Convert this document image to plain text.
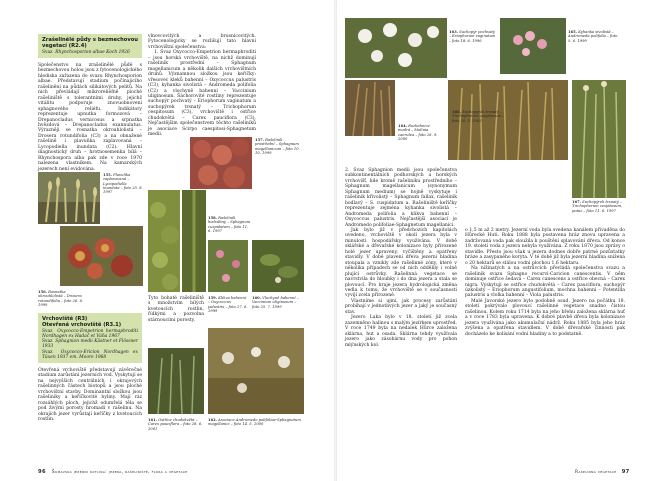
Zrašelinělé půdy s bezmechovou vegetací (R2.4)
Svaz Rhynchosporion albae Koch 1926

Společenstvo na zrašelinělé půdě s bezmechovou holou jsou z fytocenologického hlediska zařazena do svazu Rhynchosporion albae. Představují stadium počínajícího rašelinění na půdách silikátových pelitů. Na nich převládají mikroreliéfně ploché rašeliniště s tolerantními druhy, jejichž vitálitu podporuje znovuobnovení sphagnového reliéfu. Indikátory reprezentuje upnutka formozová – Drepanocladus vernicosus a srpnatka hvězdová – Drepanocladus exannulatus. Výrazněji se rosnatka okrouhlolistá – Drosera rotundifolia (C3) a na obnažené rašelině i plavuňka zaplavovaná – Lycopodiella inundata (C2). Hlavní diagnostický druh – hrotnosemenka bílá – Rhynchospora alba pak zde v roce 1970 nalezena vlastníkem. Na kamarských jezerech není evidována.

155. Plavuňka zaplavovaná – Lycopodiella inundata – foto 25. 8. 1997
156. Rosnatka okrouhlolistá – Drosera rotundifolia – foto 26. 6. 1999
Vrchoviště (R3)
Otevřená vrchoviště (R3.1)
Svaz Oxycocco-Empetrion hermaphroditi Nordhagen ex Hadač et Váňa 1967
Svaz Sphagnion medii Kästner et Flössner 1933
Svaz Oxycocco-Ericion Nordhagen ex Tüxen 1937 em. Moore 1968

Otevřená vrchoviště představují závěrečné stadium zarůstání jezerních vod. Vyskytují se na nejvyšších centrálních i okrajových rašelinných částech biotopů a jsou ploché vrchovištní stavby. Dominantní složkou jsou rašeliníky a keříčkovité byliny. Mají ráz rozsáhlých ploch, jejichž odumřelá těla se pod živými porosty hromadí v rašelinu. Na okrajích jezer vyrůstají keříčky z kvetoucích rostlin.

vlnovcovitých a brusnicovitých. Fytocenologicky se rozlišují tato hlavní vrchovištní společenstva:

1. Svaz Oxycocco-Empetrion hermaphroditi – jsou horská vrchoviště, na nichž dominují rašeliník prostřední – Sphagnum magellanicum a několik dalších vrchovištních druhů. Významnou složkou jsou keříčky: vřesovec kleků bahenní – Oxycoccus palustris (C3), kyhanka sivolistá – Andromeda polifolia (C2) a vlochyně bahenní – Vaccinium uliginosum. Šáchorovité rostliny reprezentuje suchopýr pochvatý – Eriophorum vaginatum a suchopýrek trsnatý – Trichophorum cespitosum (C3), vrchoviště i ostřice chudokvětá – Carex pauciflora (C3). Nejčastějším společenstvem těchto rašeliníků je asociace Scirpo caespitosi-Sphagnetum medii.

157. Rašeliník prostřední – Sphagnum magellanicum – foto 10. 10. 1999
158. Rašeliník hedvábný – Sphagnum cuspidatum – foto 11. 6. 1997
159. Klikva bahenní – Oxycoccus palustris – foto 27. 6. 1999
160. Vlochyně bahenní – Vaccinium uliginosum – foto 25. 7. 1999

Tyto bohaté rašeliniště s množstvím bílých kvetoucích rostlin, řídkými a pozvolna stárnoucími porosty.

161. Ostřice chudokvětá – Carex pauciflora – foto 28. 6. 2001
162. Asociace Andromedo polifoliae-Sphagnetum magellanici – foto 14. 5. 2000
96 Šumavská jezerní kotlina: jezera, rašeliniště, flóra a vegetace
163. Suchopýr pochvatý – Eriophorum vaginatum – foto 18. 6. 1996
164. Rozbehnice modrá – Molinia caerulea – foto 26. 9. 2000
165. Kyhanka sivolistá – Andromeda polifolia – foto 5. 6. 1999
166. Suchopýrek trsnatý – Trichophorum cespitosum – foto 29. 5. 2002
167. Suchopýrek trsnatý – Trichophorum cespitosum, potaz – foto 11. 6. 1997

2. Svaz Sphagnion medii jsou společenstva subkontinentálních podhorských a horských vrchovišť, kde kromě rašeliníku prostředního – Sphagnum magellanicum (synonymum Sphagnum medium) se hojně vyskytuje i rašeliník křivolistý – Sphagnum fallax, rašeliník bodlavý – S. cuspidatum a. Rašeliniště keříčky reprezentuje zejména kyhanka sivolistá – Andromeda polifolia a klikva bahenní – Oxycoccus palustris. Nejčastější asociací je Andromedo polifoliae-Sphagnetum magellanici.

Jak bylo již v předchozích kapitolách uvedeno, vrchoviště v okolí jezera byla v minulosti hospodářsky využívána. V době sklářské a dřevařské kolonizace byly přirozené holé jezer upraveny, vyčištěny a opatřeny stavidly. V době plavení dřeva jezerní hladina stoupala a vznikly zde rašelinné zóny, které v několika případech se od nich oddělily i volně plující ostrůvky. Rašelinná vegetace se navrstvila do hloubky i do dna jezera a stala se plovoucí. Pro kraje jezera hydrologická změna vedla k tomu, že vrchoviště se v současnosti vyvíjí zcela přirozeně.

Vlastníme si ujmí, jak procesy zarůstání probíhají v jednotlivých jezer a jaký je současný stav.

Jezero Laka bylo v 18. století již zcela zazemněno halinou s malým jezírkem uprostřed. V roce 1749 byla na nedalek Hůrce založena sklárna, hut a osada. Sklárna tehdy využívala jezero jako zásobárnu vody pro pohon mlýnských kol.

o 1,5 m až 2 metry. Jezerní voda byla svedena kanálem přivaděna do Hůrecké Huti. Roku 1888 byla postavena hráz znovu upravena a zadržovaná voda pak sloužila k pouštění splavování dřeva. Od konce 19. století voda z jezera nebyla využívána. Z roku 1870 jsou zprávy o stavidle. Přesto jsou však u jezera dodnes dobře patrné pozůstatky hráze a zasypaného koryta. V té době již byla jezerní hladina snížena o 20 hektarů se stálou vodní plochou 1,6 hektaru.

Na nížinatých a na ostrůvcích převládá společenstva svazu a rašeliník svazu Sphagno recurvi-Caricion canescentis. V něm dominuje ostřice šedavá – Carex canescens a ostřice obecná – Carex nigra. Vyskytují se ostřice chudokvětá – Carex pauciflora, suchopýr úzkolistý – Eriophorum angustifolium, mochna bahenní – Potentilla palustris a vlolka bahenní – Viola palustris.

Malé Javorské jezero bylo podobně osud. Jezero na počátku 18. století pokrývalo plovoucí rašelinné vegetace snadno čistou rašelinou. Kolem roku 1714 byla na jeho břehu založena sklárna huť a v roce 1783 byla upravena. K dobré plavbě dřeva byla kolonizace jezera využívána jako akumulační nádrž. Roku 1885 byla jeho hráz zvýšena a opatřena stavidlem. V době dřevařské činnosti pak docházelo ke kolísání vodní hladiny a to podstatně.

Rašelinná vegetace 97
